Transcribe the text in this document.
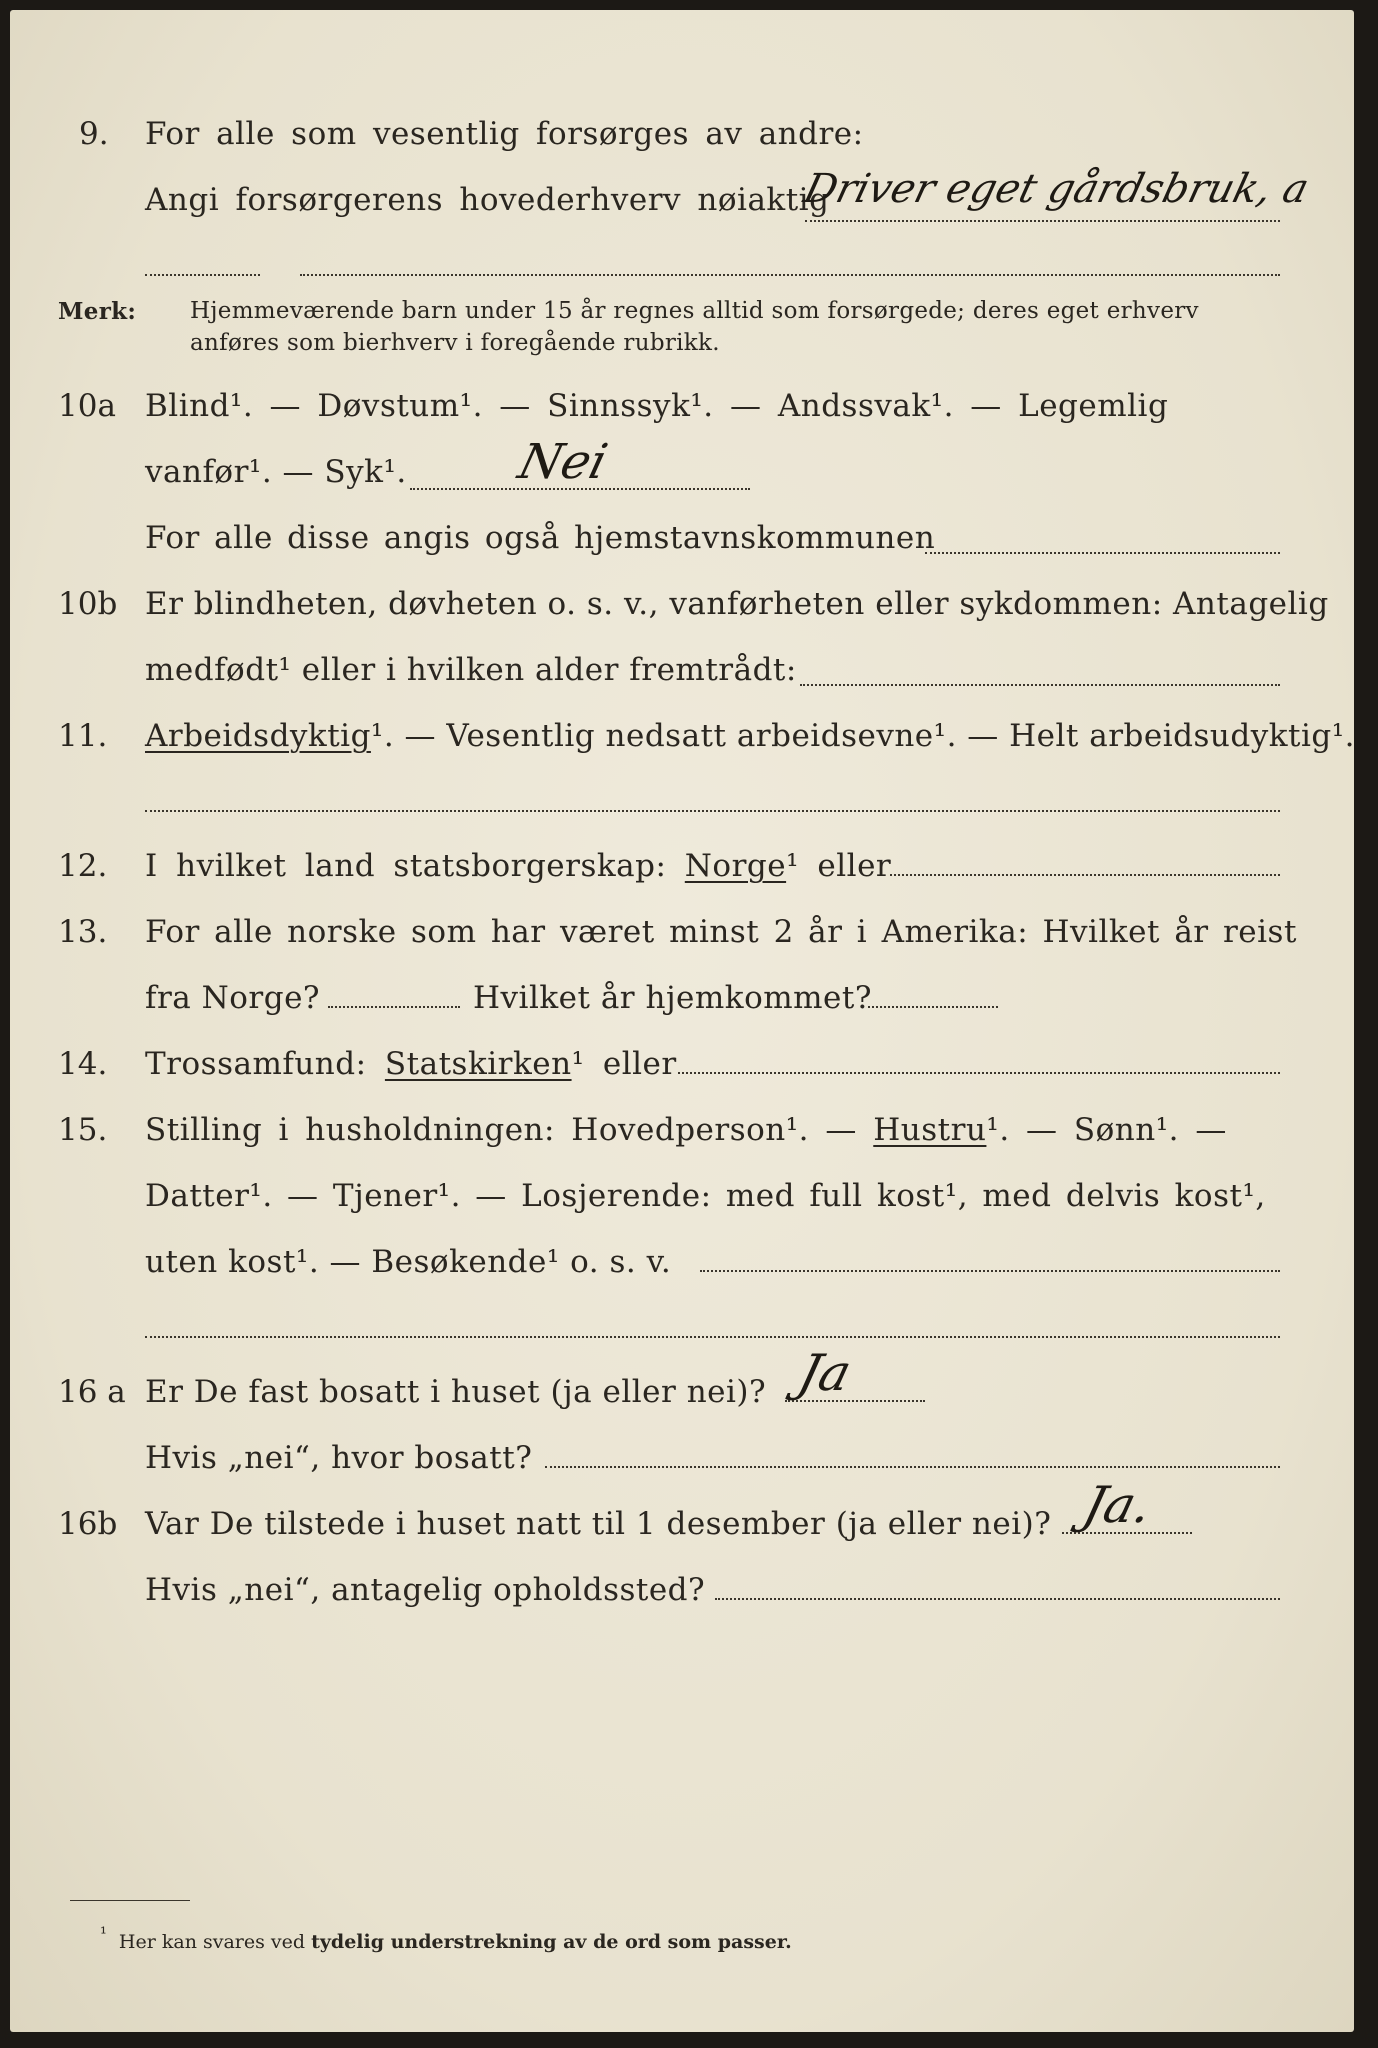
9. For alle som vesentlig forsørges av andre:
Angi forsørgerens hovederhverv nøiaktig
Driver eget gårdsbruk, a
Merk: Hjemmeværende barn under 15 år regnes alltid som forsørgede; deres eget erhverv
anføres som bierhverv i foregående rubrikk.
10a Blind¹. — Døvstum¹. — Sinnssyk¹. — Andssvak¹. — Legemlig
vanfør¹. — Syk¹. Nei
For alle disse angis også hjemstavnskommunen
10b Er blindheten, døvheten o. s. v., vanførheten eller sykdommen: Antagelig
medfødt¹ eller i hvilken alder fremtrådt:
11. Arbeidsdyktig¹. — Vesentlig nedsatt arbeidsevne¹. — Helt arbeidsudyktig¹.
12. I hvilket land statsborgerskap: Norge¹ eller
13. For alle norske som har været minst 2 år i Amerika: Hvilket år reist
fra Norge?	Hvilket år hjemkommet?
14. Trossamfund: Statskirken¹ eller
15. Stilling i husholdningen: Hovedperson¹. — Hustru¹. — Sønn¹. —
Datter¹. — Tjener¹. — Losjerende: med full kost¹, med delvis kost¹,
uten kost¹. — Besøkende¹ o. s. v.
16 a Er De fast bosatt i huset (ja eller nei)? Ja
Hvis „nei“, hvor bosatt?
16b Var De tilstede i huset natt til 1 desember (ja eller nei)? Ja.
Hvis „nei“, antagelig opholdssted?
¹ Her kan svares ved tydelig understrekning av de ord som passer.
